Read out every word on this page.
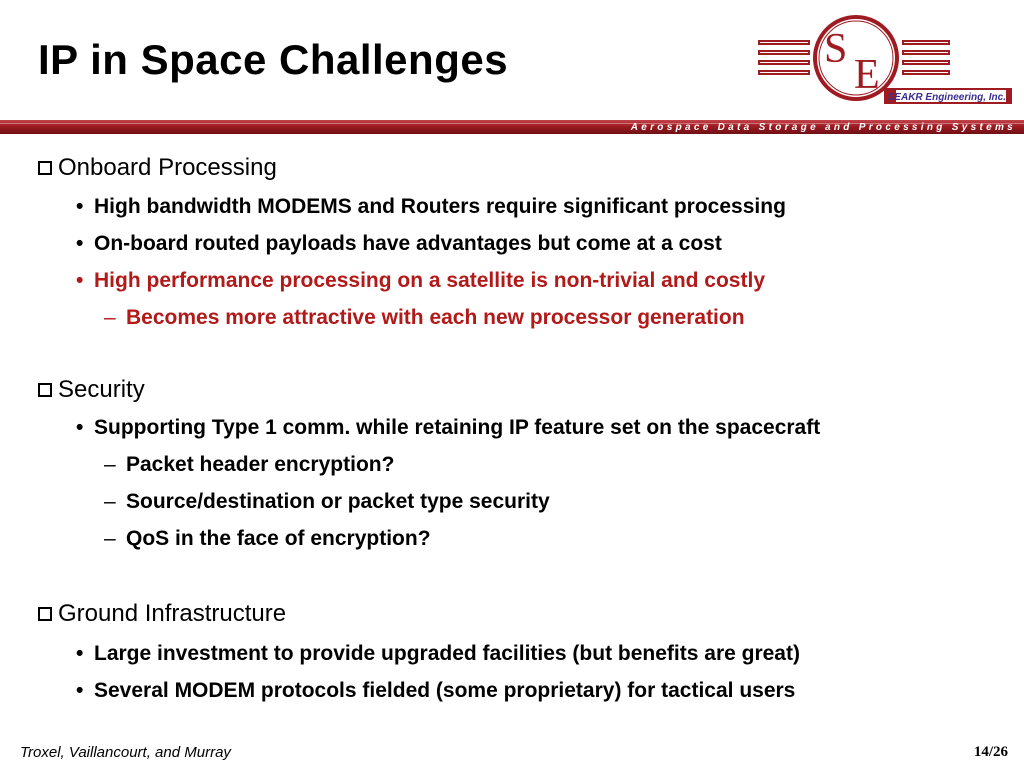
IP in Space Challenges	S
E SEAKR Engineering, Inc.
Aerospace Data Storage and Processing Systems
Onboard Processing
• High bandwidth MODEMS and Routers require significant processing
• On-board routed payloads have advantages but come at a cost
• High performance processing on a satellite is non-trivial and costly
– Becomes more attractive with each new processor generation
Security
• Supporting Type 1 comm. while retaining IP feature set on the spacecraft
– Packet header encryption?
– Source/destination or packet type security
– QoS in the face of encryption?
Ground Infrastructure
• Large investment to provide upgraded facilities (but benefits are great)
• Several MODEM protocols fielded (some proprietary) for tactical users
Troxel, Vaillancourt, and Murray	14/26
